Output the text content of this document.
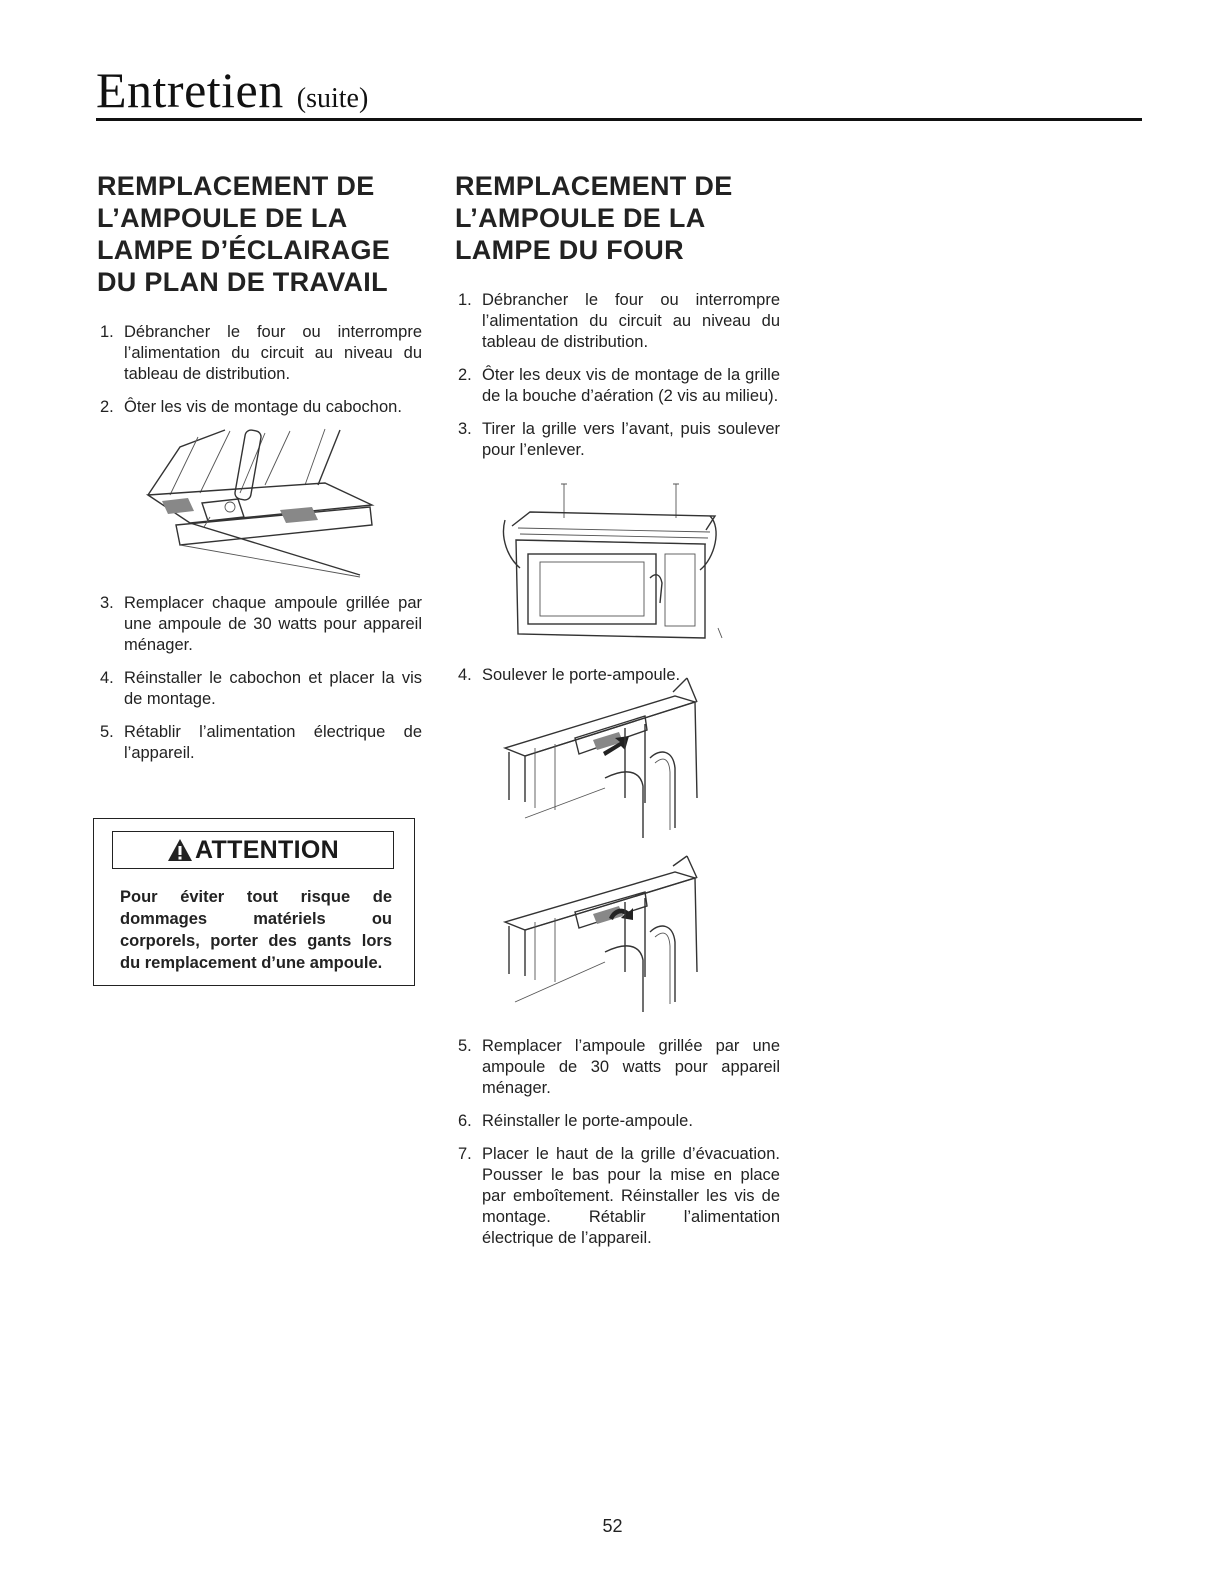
Entretien (suite)
REMPLACEMENT DE
L’AMPOULE DE LA
LAMPE D’ÉCLAIRAGE
DU PLAN DE TRAVAIL
1. Débrancher le four ou interrompre l’alimentation du circuit au niveau du tableau de distribution.
2. Ôter les vis de montage du cabochon.
3. Remplacer chaque ampoule grillée par une ampoule de 30 watts pour appareil ménager.
4. Réinstaller le cabochon et placer la vis de montage.
5. Rétablir l’alimentation électrique de l’appareil.
ATTENTION
Pour éviter tout risque de dommages matériels ou corporels, porter des gants lors du remplacement d’une ampoule.
REMPLACEMENT DE
L’AMPOULE DE LA
LAMPE DU FOUR
1. Débrancher le four ou interrompre l’alimentation du circuit au niveau du tableau de distribution.
2. Ôter les deux vis de montage de la grille de la bouche d’aération (2 vis au milieu).
3. Tirer la grille vers l’avant, puis soulever pour l’enlever.
4. Soulever le porte-ampoule.
5. Remplacer l’ampoule grillée par une ampoule de 30 watts pour appareil ménager.
6. Réinstaller le porte-ampoule.
7. Placer le haut de la grille d’évacuation. Pousser le bas pour la mise en place par emboîtement. Réinstaller les vis de montage. Rétablir l’alimentation électrique de l’appareil.
52
